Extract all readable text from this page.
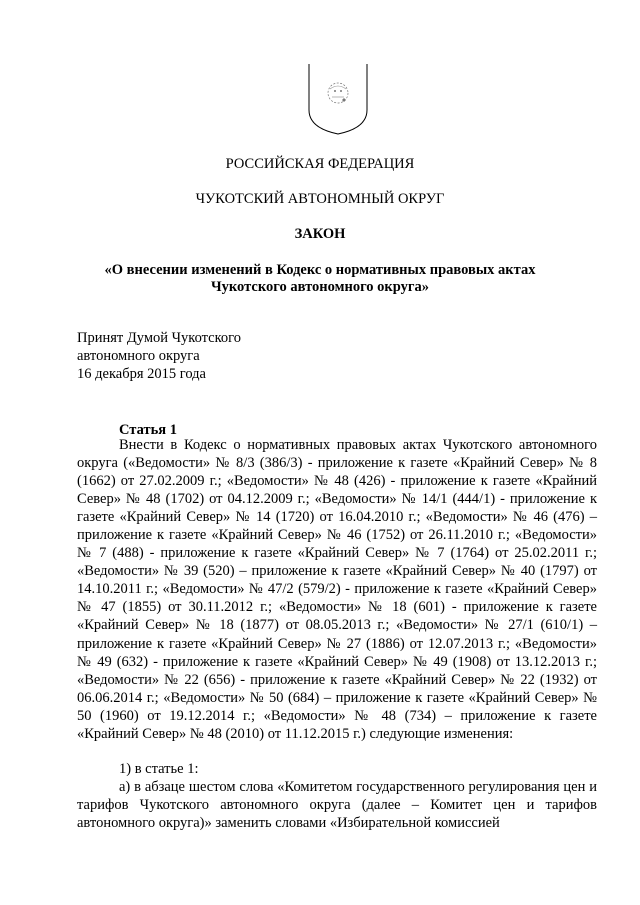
РОССИЙСКАЯ ФЕДЕРАЦИЯ
ЧУКОТСКИЙ АВТОНОМНЫЙ ОКРУГ
ЗАКОН
«О внесении изменений в Кодекс о нормативных правовых актах
Чукотского автономного округа»
Принят Думой Чукотского
автономного округа
16 декабря 2015 года
Статья 1
Внести в Кодекс о нормативных правовых актах Чукотского автономного округа («Ведомости» № 8/3 (386/3) - приложение к газете «Крайний Север» № 8 (1662) от 27.02.2009 г.; «Ведомости» № 48 (426) - приложение к газете «Крайний Север» № 48 (1702) от 04.12.2009 г.; «Ведомости» № 14/1 (444/1) - приложение к газете «Крайний Север» № 14 (1720) от 16.04.2010 г.; «Ведомости» № 46 (476) – приложение к газете «Крайний Север» № 46 (1752) от 26.11.2010 г.; «Ведомости» № 7 (488) - приложение к газете «Крайний Север» № 7 (1764) от 25.02.2011 г.; «Ведомости» № 39 (520) – приложение к газете «Крайний Север» № 40 (1797) от 14.10.2011 г.; «Ведомости» № 47/2 (579/2) - приложение к газете «Крайний Север» № 47 (1855) от 30.11.2012 г.; «Ведомости» № 18 (601) - приложение к газете «Крайний Север» № 18 (1877) от 08.05.2013 г.; «Ведомости» № 27/1 (610/1) – приложение к газете «Крайний Север» № 27 (1886) от 12.07.2013 г.; «Ведомости» № 49 (632) - приложение к газете «Крайний Север» № 49 (1908) от 13.12.2013 г.; «Ведомости» № 22 (656) - приложение к газете «Крайний Север» № 22 (1932) от 06.06.2014 г.; «Ведомости» № 50 (684) – приложение к газете «Крайний Север» № 50 (1960) от 19.12.2014 г.; «Ведомости» № 48 (734) – приложение к газете «Крайний Север» № 48 (2010) от 11.12.2015 г.) следующие изменения:
1) в статье 1:
а) в абзаце шестом слова «Комитетом государственного регулирования цен и тарифов Чукотского автономного округа (далее – Комитет цен и тарифов автономного округа)» заменить словами «Избирательной комиссией
